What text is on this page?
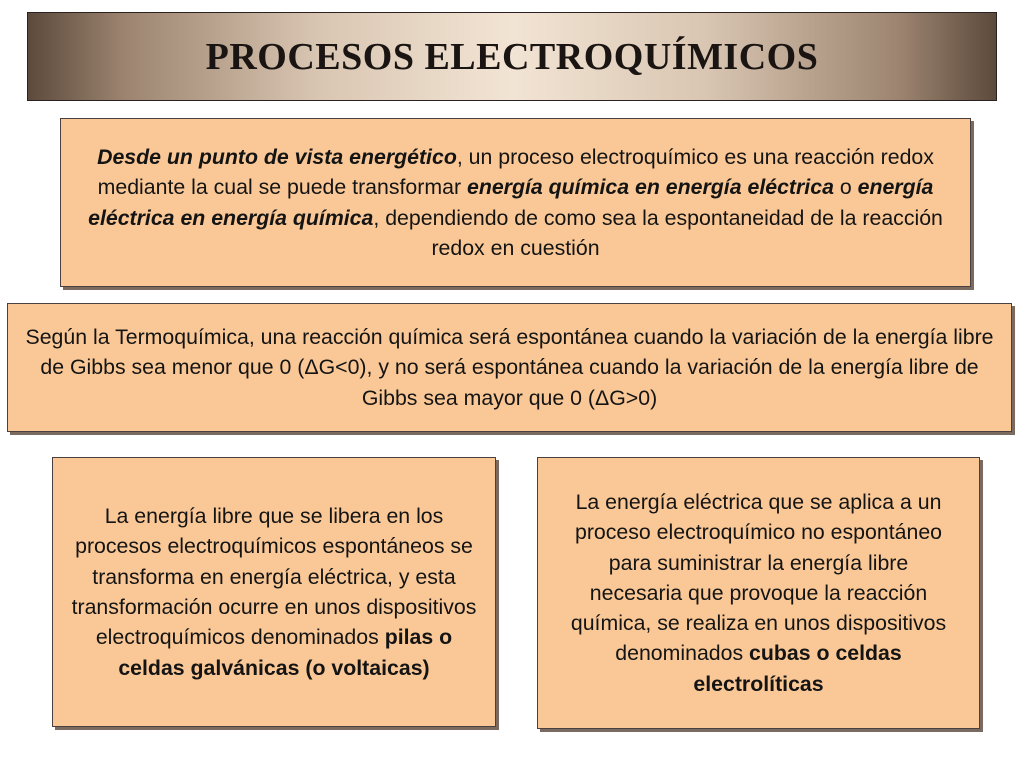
PROCESOS ELECTROQUÍMICOS
Desde un punto de vista energético, un proceso electroquímico es una reacción redox mediante la cual se puede transformar energía química en energía eléctrica o energía eléctrica en energía química, dependiendo de como sea la espontaneidad de la reacción redox en cuestión
Según la Termoquímica, una reacción química será espontánea cuando la variación de la energía libre de Gibbs sea menor que 0 (ΔG<0), y no será espontánea cuando la variación de la energía libre de Gibbs sea mayor que 0 (ΔG>0)
La energía libre que se libera en los procesos electroquímicos espontáneos se transforma en energía eléctrica, y esta transformación ocurre en unos dispositivos electroquímicos denominados pilas o celdas galvánicas (o voltaicas)
La energía eléctrica que se aplica a un proceso electroquímico no espontáneo para suministrar la energía libre necesaria que provoque la reacción química, se realiza en unos dispositivos denominados cubas o celdas electrolíticas
